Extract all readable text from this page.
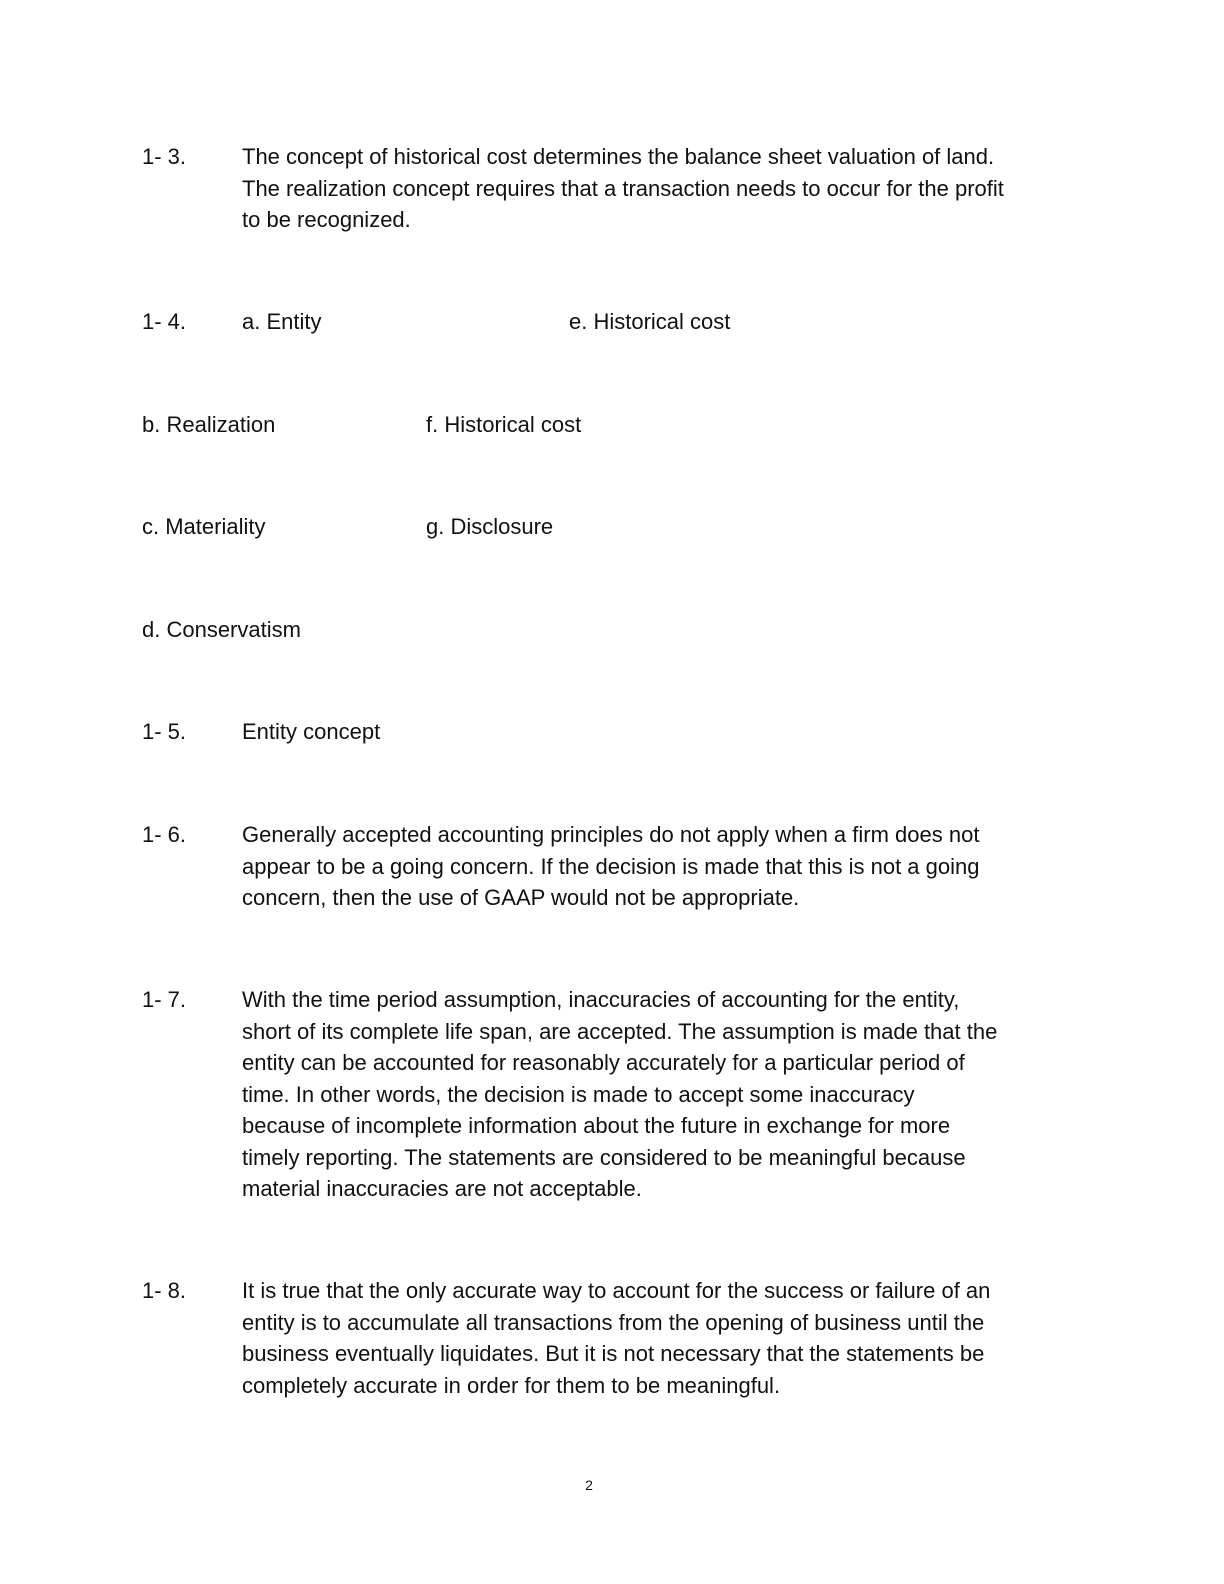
1- 3.	The concept of historical cost determines the balance sheet valuation of land.
The realization concept requires that a transaction needs to occur for the profit
to be recognized.
1- 4.	a. Entity	e. Historical cost
b. Realization	f. Historical cost
c. Materiality	g. Disclosure
d. Conservatism
1- 5.	Entity concept
1- 6.	Generally accepted accounting principles do not apply when a firm does not
appear to be a going concern. If the decision is made that this is not a going
concern, then the use of GAAP would not be appropriate.
1- 7.	With the time period assumption, inaccuracies of accounting for the entity,
short of its complete life span, are accepted. The assumption is made that the
entity can be accounted for reasonably accurately for a particular period of
time. In other words, the decision is made to accept some inaccuracy
because of incomplete information about the future in exchange for more
timely reporting. The statements are considered to be meaningful because
material inaccuracies are not acceptable.
1- 8.	It is true that the only accurate way to account for the success or failure of an
entity is to accumulate all transactions from the opening of business until the
business eventually liquidates. But it is not necessary that the statements be
completely accurate in order for them to be meaningful.
2
